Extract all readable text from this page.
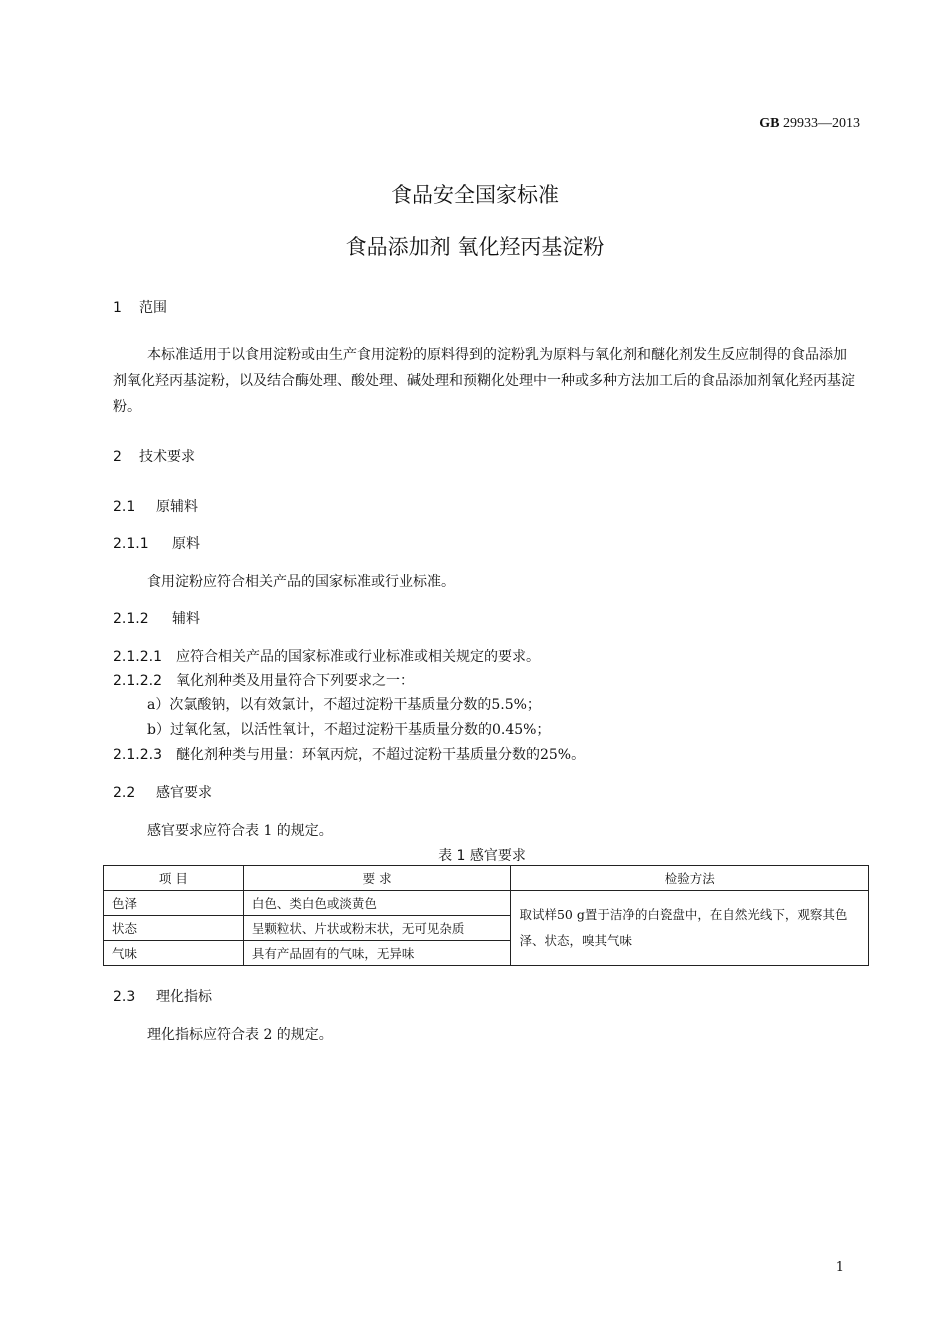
GB 29933—2013
食品安全国家标准
食品添加剂 氧化羟丙基淀粉
1 范围
本标准适用于以食用淀粉或由生产食用淀粉的原料得到的淀粉乳为原料与氧化剂和醚化剂发生反应制得的食品添加剂氧化羟丙基淀粉，以及结合酶处理、酸处理、碱处理和预糊化处理中一种或多种方法加工后的食品添加剂氧化羟丙基淀粉。
2 技术要求
2.1 原辅料
2.1.1 原料
食用淀粉应符合相关产品的国家标准或行业标准。
2.1.2 辅料
2.1.2.1 应符合相关产品的国家标准或行业标准或相关规定的要求。
2.1.2.2 氧化剂种类及用量符合下列要求之一：
a）次氯酸钠，以有效氯计，不超过淀粉干基质量分数的5.5%；
b）过氧化氢，以活性氧计，不超过淀粉干基质量分数的0.45%；
2.1.2.3 醚化剂种类与用量：环氧丙烷，不超过淀粉干基质量分数的25%。
2.2 感官要求
感官要求应符合表 1 的规定。
表 1 感官要求
项 目	要 求	检验方法
色泽	白色、类白色或淡黄色	取试样50 g置于洁净的白瓷盘中，在自然光线下，观察其色泽、状态，嗅其气味
状态	呈颗粒状、片状或粉末状，无可见杂质	
气味	具有产品固有的气味，无异味	
2.3 理化指标
理化指标应符合表 2 的规定。
1
